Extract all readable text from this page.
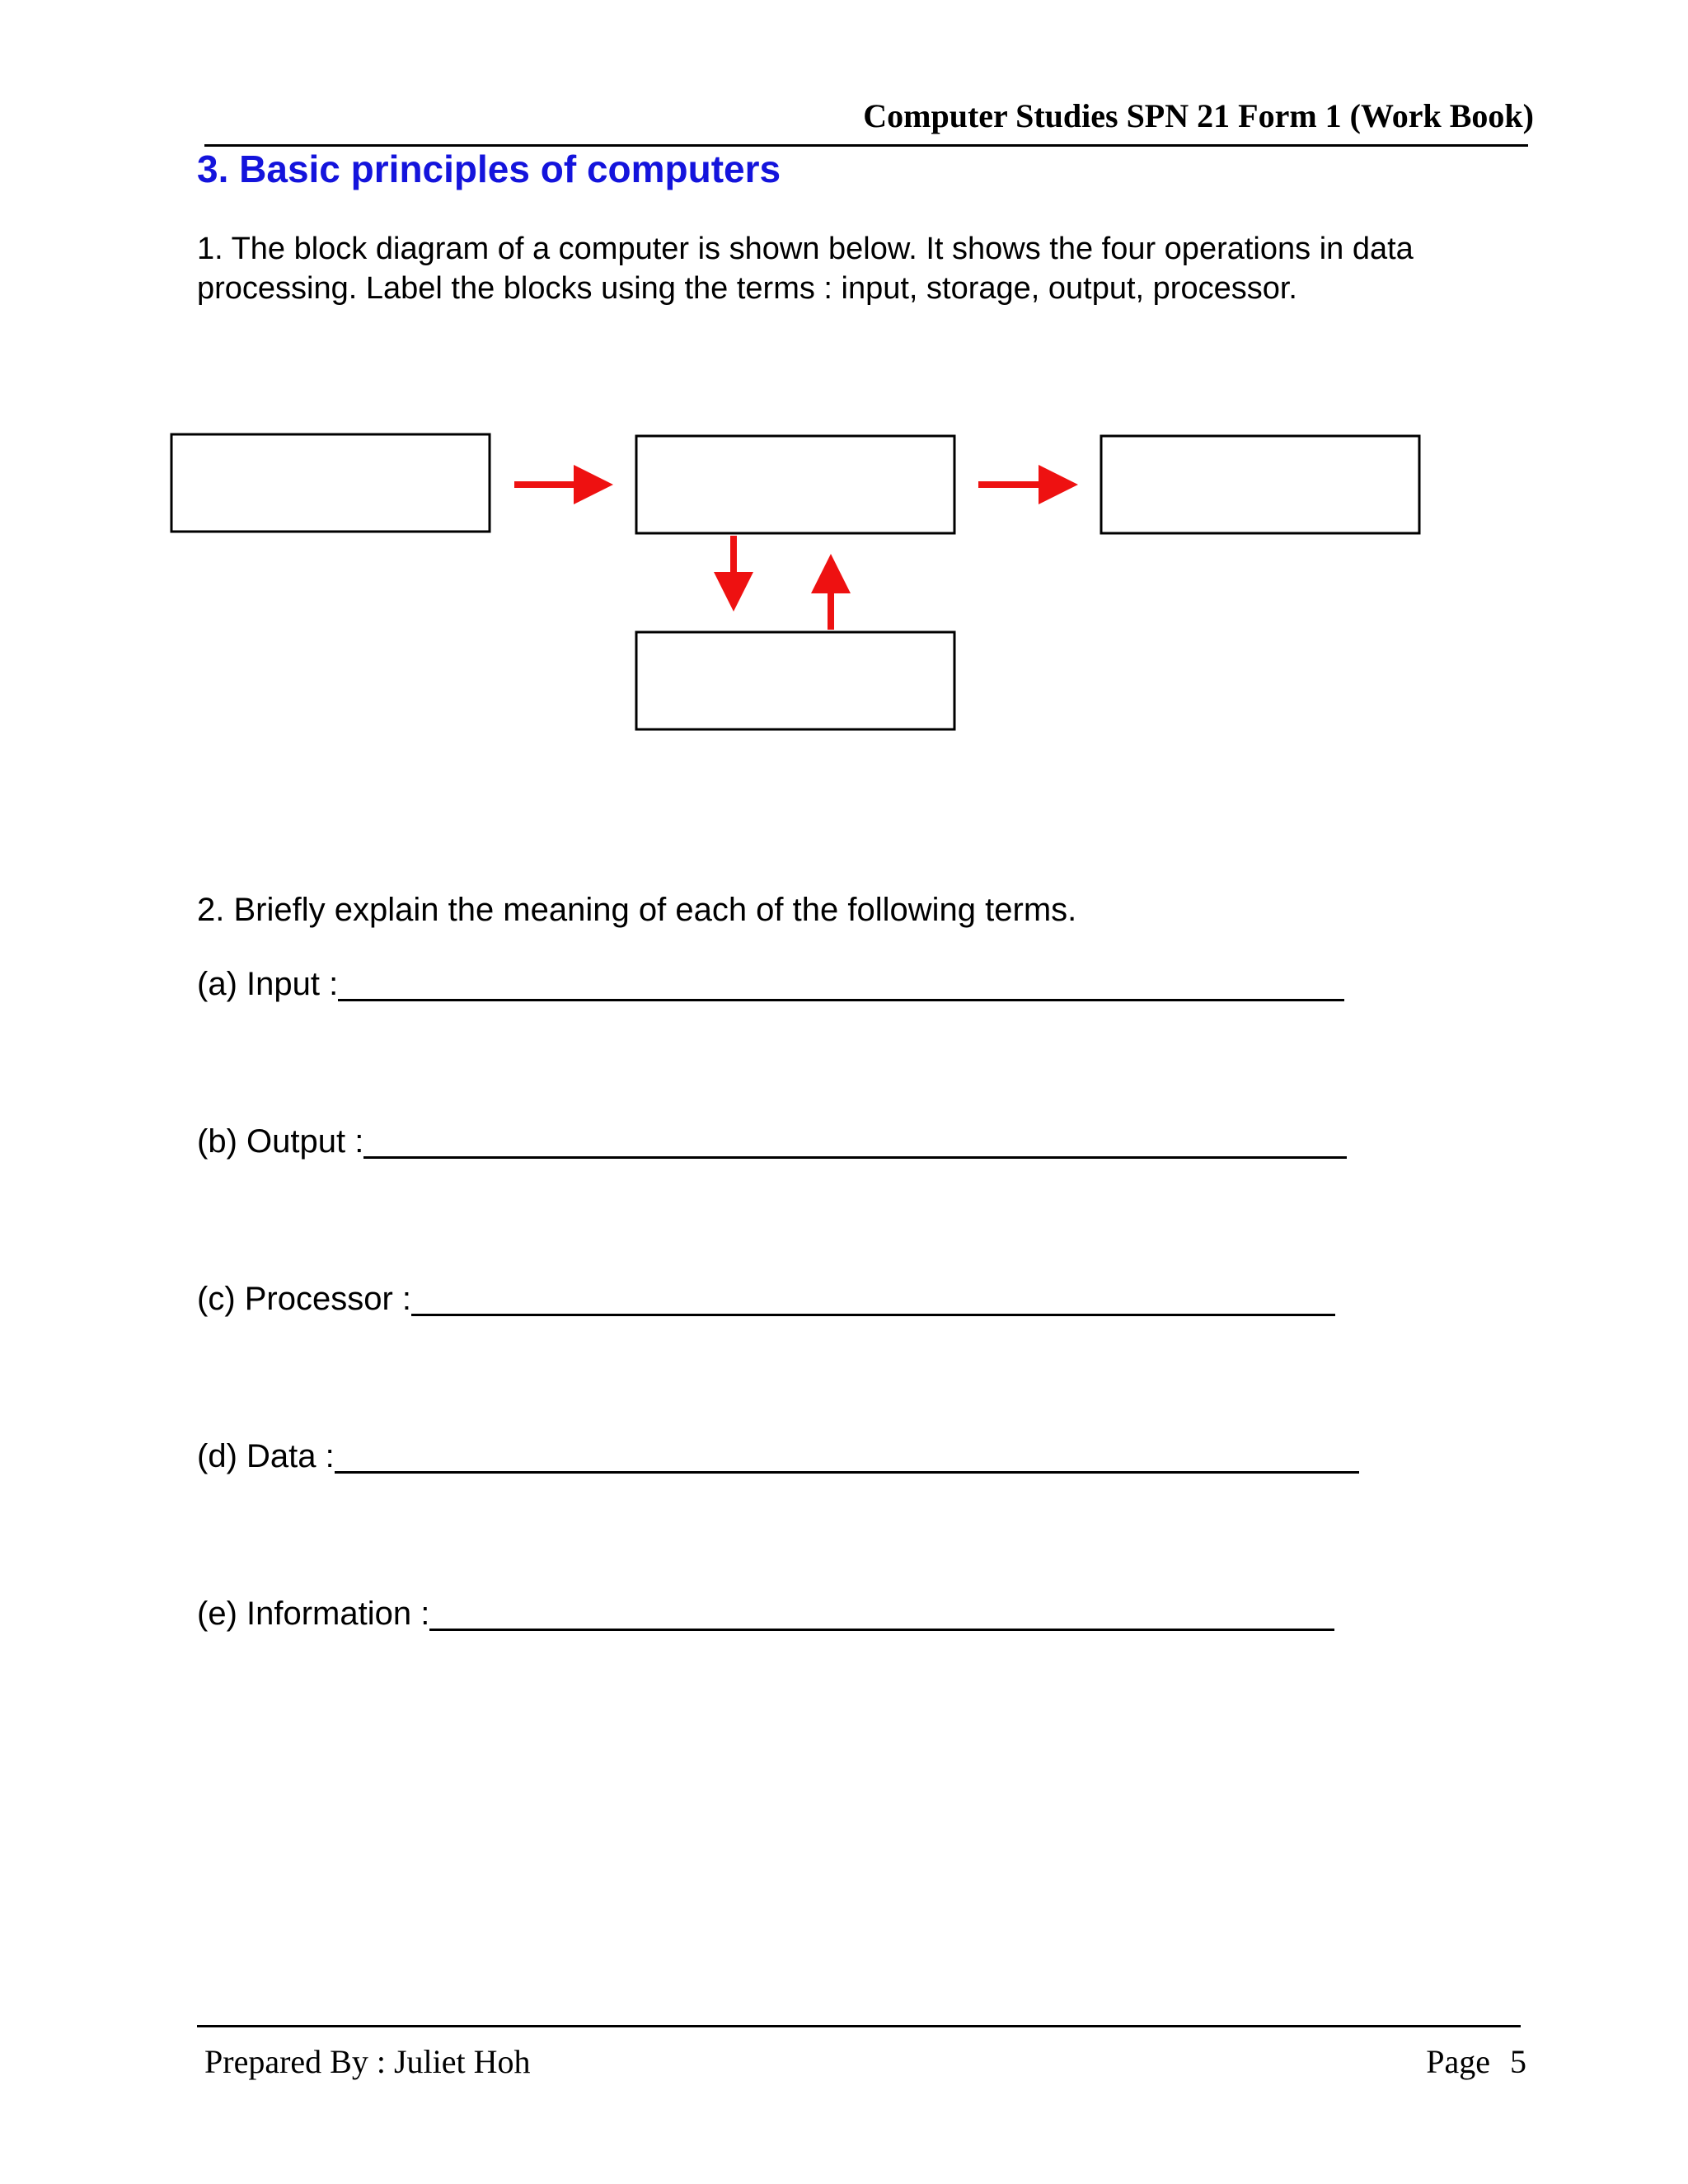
Computer Studies SPN 21 Form 1 (Work Book)
3. Basic principles of computers
1. The block diagram of a computer is shown below. It shows the four operations in data processing. Label the blocks using the terms : input, storage, output, processor.
2. Briefly explain the meaning of each of the following terms.
(a) Input :
(b) Output :
(c) Processor :
(d) Data :
(e) Information :
Prepared By : Juliet Hoh	Page 5
